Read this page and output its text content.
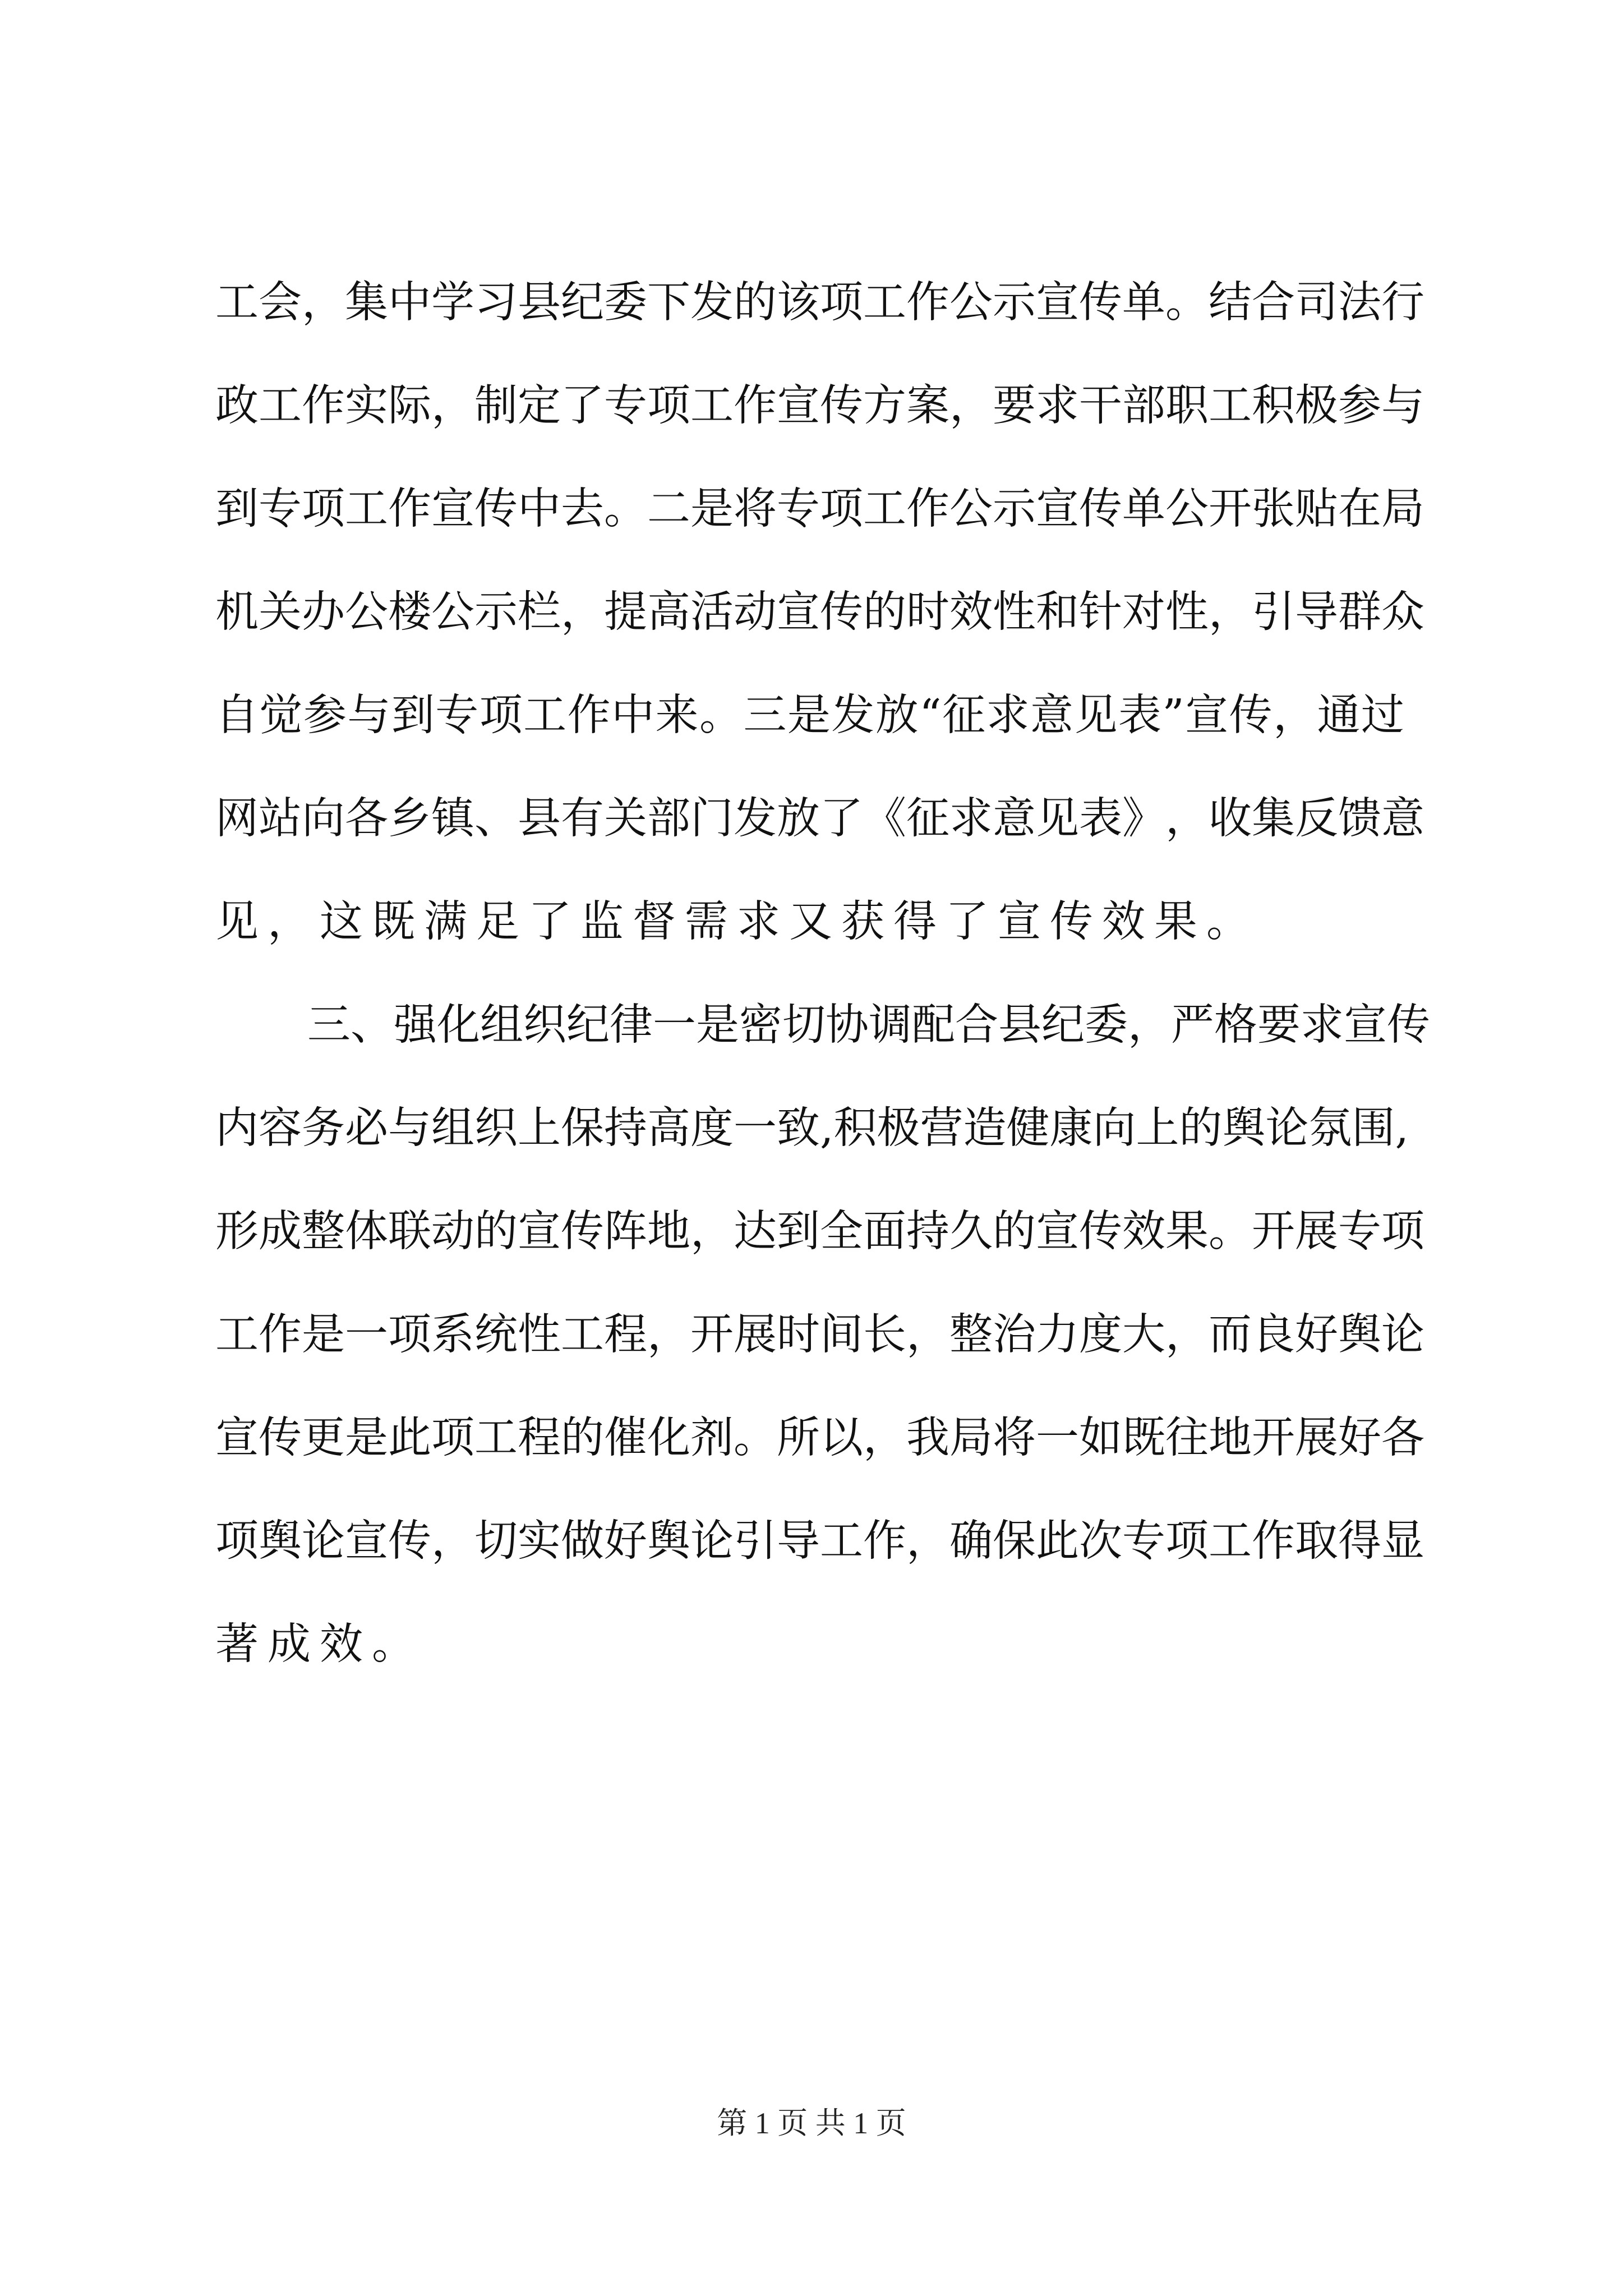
工 会 ， 集 中 学 习 县 纪 委 下 发 的 该 项 工 作 公 示 宣 传 单 。 结 合 司 法 行
政 工 作 实 际 ， 制 定 了 专 项 工 作 宣 传 方 案 ， 要 求 干 部 职 工 积 极 参 与
到 专 项 工 作 宣 传 中 去 。 二 是 将 专 项 工 作 公 示 宣 传 单 公 开 张 贴 在 局
机 关 办 公 楼 公 示 栏 ， 提 高 活 动 宣 传 的 时 效 性 和 针 对 性 ， 引 导 群 众
自 觉 参 与 到 专 项 工 作 中 来 。 三 是 发 放 “ 征 求 意 见 表 ” 宣 传 ， 通 过
网 站 向 各 乡 镇 、 县 有 关 部 门 发 放 了 《 征 求 意 见 表 》 ， 收 集 反 馈 意
见，这既满足了监督需求又获得了宣传效果。
三 、 强 化 组 织 纪 律 一 是 密 切 协 调 配 合 县 纪 委 ， 严 格 要 求 宣 传
内 容 务 必 与 组 织 上 保 持 高 度 一 致 , 积 极 营 造 健 康 向 上 的 舆 论 氛 围 ,
形 成 整 体 联 动 的 宣 传 阵 地 ， 达 到 全 面 持 久 的 宣 传 效 果 。 开 展 专 项
工 作 是 一 项 系 统 性 工 程 ， 开 展 时 间 长 ， 整 治 力 度 大 ， 而 良 好 舆 论
宣 传 更 是 此 项 工 程 的 催 化 剂 。 所 以 ， 我 局 将 一 如 既 往 地 开 展 好 各
项 舆 论 宣 传 ， 切 实 做 好 舆 论 引 导 工 作 ， 确 保 此 次 专 项 工 作 取 得 显
著成效。
第 1 页 共 1 页
